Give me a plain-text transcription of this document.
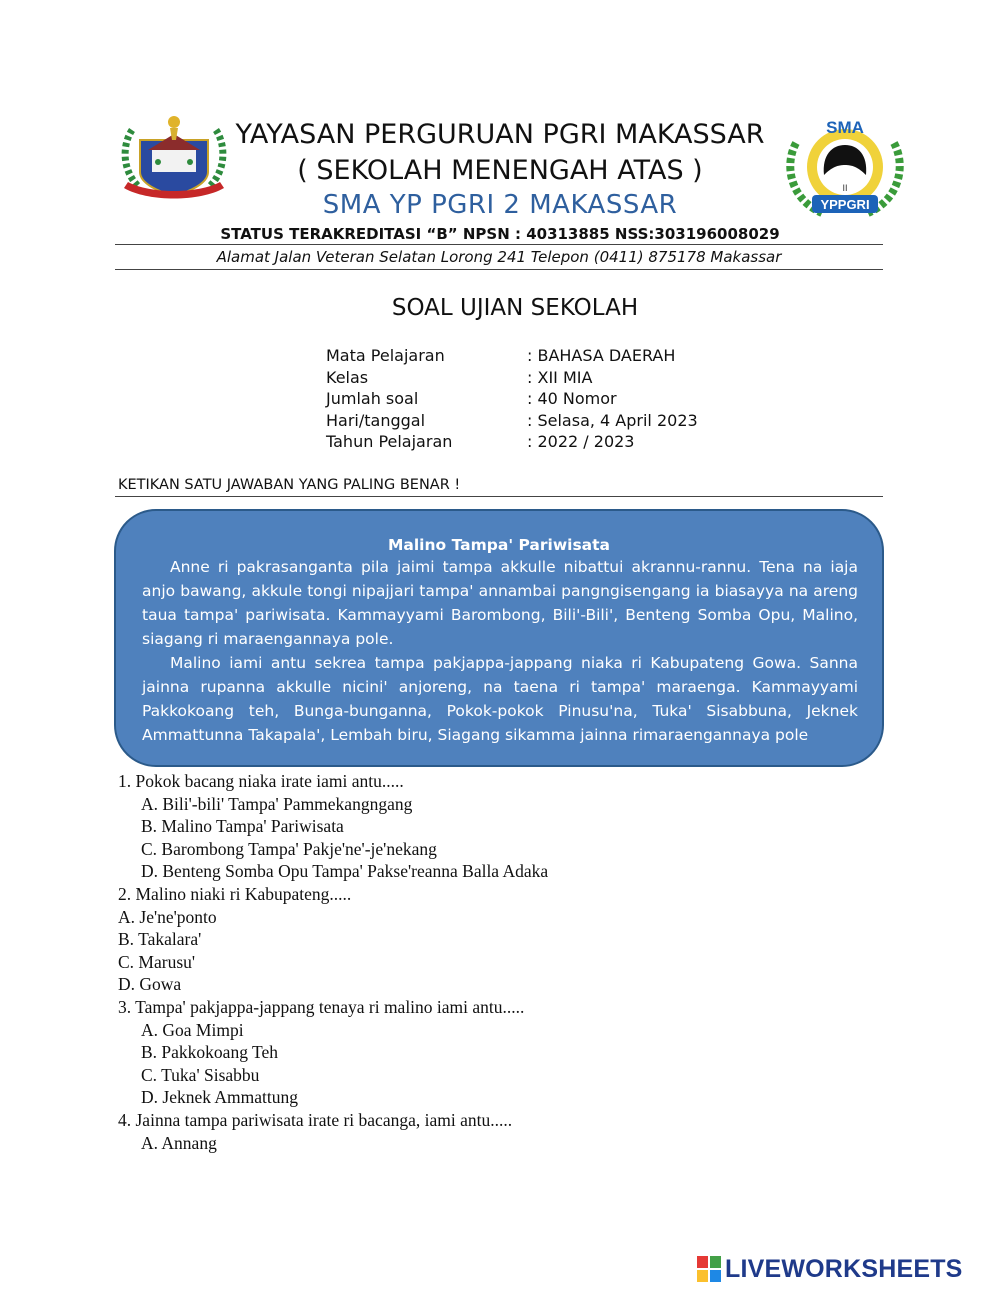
YAYASAN PERGURUAN PGRI MAKASSAR
( SEKOLAH MENENGAH ATAS )
SMA YP PGRI 2 MAKASSAR
SMA
II
YPPGRI
STATUS TERAKREDITASI “B” NPSN : 40313885 NSS:303196008029
Alamat Jalan Veteran Selatan Lorong 241 Telepon (0411) 875178 Makassar
SOAL UJIAN SEKOLAH
Mata Pelajaran	: BAHASA DAERAH
Kelas	: XII MIA
Jumlah soal	: 40 Nomor
Hari/tanggal	: Selasa, 4 April 2023
Tahun Pelajaran	: 2022 / 2023
KETIKAN SATU JAWABAN YANG PALING BENAR !
Malino Tampa' Pariwisata

Anne ri pakrasanganta pila jaimi tampa akkulle nibattui akrannu-rannu. Tena na iaja anjo bawang, akkule tongi nipajjari tampa' annambai pangngisengang ia biasayya na areng taua tampa' pariwisata. Kammayyami Barombong, Bili'-Bili', Benteng Somba Opu, Malino, siagang ri maraengannaya pole.

Malino iami antu sekrea tampa pakjappa-jappang niaka ri Kabupateng Gowa. Sanna jainna rupanna akkulle nicini' anjoreng, na taena ri tampa' maraenga. Kammayyami Pakkokoang teh, Bunga-bunganna, Pokok-pokok Pinusu'na, Tuka' Sisabbuna, Jeknek Ammattunna Takapala', Lembah biru, Siagang sikamma jainna rimaraengannaya pole

1. Pokok bacang niaka irate iami antu.....
A. Bili'-bili' Tampa' Pammekangngang
B. Malino Tampa' Pariwisata
C. Barombong Tampa' Pakje'ne'-je'nekang
D. Benteng Somba Opu Tampa' Pakse'reanna Balla Adaka
2. Malino niaki ri Kabupateng.....
A. Je'ne'ponto
B. Takalara'
C. Marusu'
D. Gowa
3. Tampa' pakjappa-jappang tenaya ri malino iami antu.....
A. Goa Mimpi
B. Pakkokoang Teh
C. Tuka' Sisabbu
D. Jeknek Ammattung
4. Jainna tampa pariwisata irate ri bacanga, iami antu.....
A. Annang
LIVEWORKSHEETS
